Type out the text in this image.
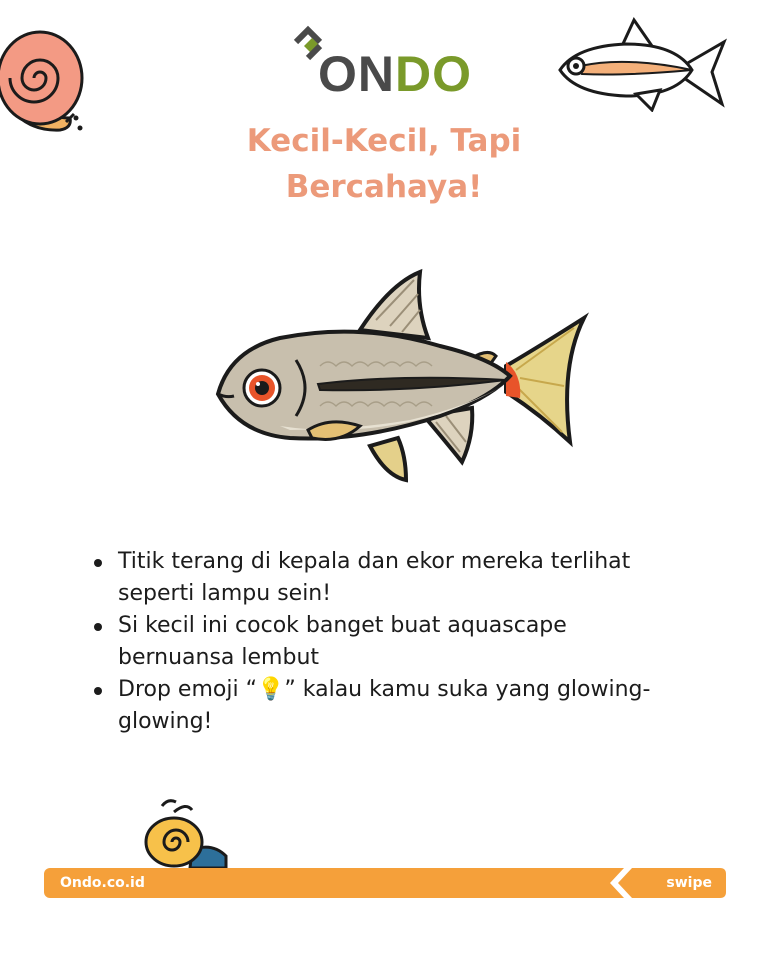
ONDO
Kecil-Kecil, Tapi
Bercahaya!
Titik terang di kepala dan ekor mereka terlihat seperti lampu sein!
Si kecil ini cocok banget buat aquascape bernuansa lembut
Drop emoji “💡” kalau kamu suka yang glowing-glowing!
Ondo.co.id	swipe
